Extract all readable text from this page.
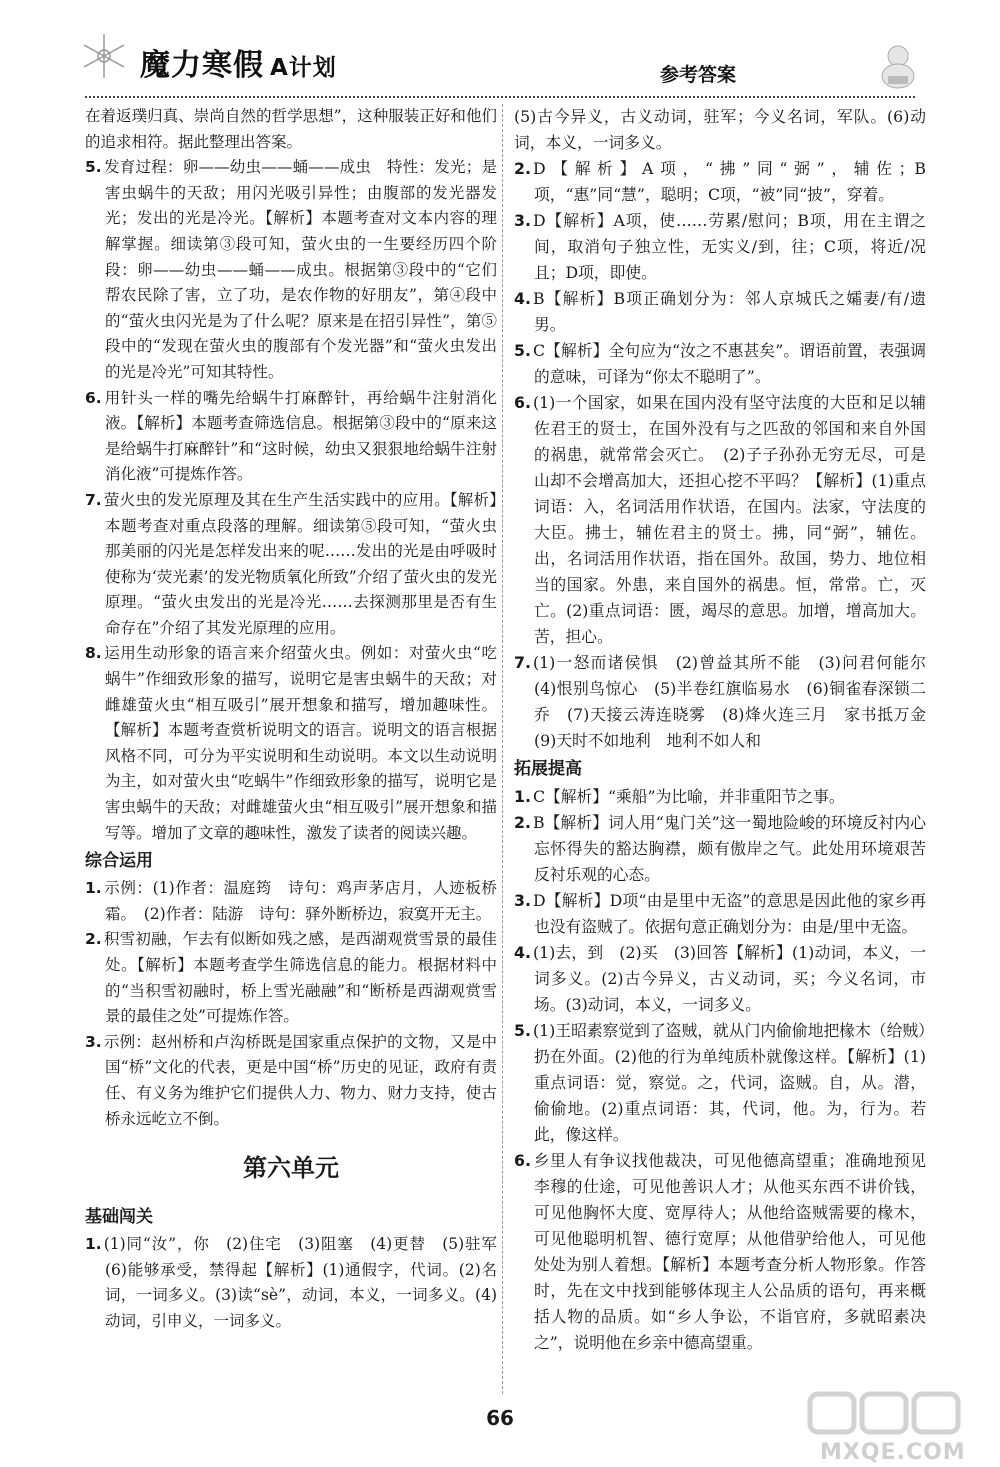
魔力寒假 A计划	参考答案
在着返璞归真、崇尚自然的哲学思想”，这种服装正好和他们的追求相符。据此整理出答案。
5. 发育过程：卵——幼虫——蛹——成虫　特性：发光；是害虫蜗牛的天敌；用闪光吸引异性；由腹部的发光器发光；发出的光是冷光。【解析】本题考查对文本内容的理解掌握。细读第③段可知，萤火虫的一生要经历四个阶段：卵——幼虫——蛹——成虫。根据第③段中的“它们帮农民除了害，立了功，是农作物的好朋友”，第④段中的“萤火虫闪光是为了什么呢？原来是在招引异性”，第⑤段中的“发现在萤火虫的腹部有个发光器”和“萤火虫发出的光是冷光”可知其特性。
6. 用针头一样的嘴先给蜗牛打麻醉针，再给蜗牛注射消化液。【解析】本题考查筛选信息。根据第③段中的“原来这是给蜗牛打麻醉针”和“这时候，幼虫又狠狠地给蜗牛注射消化液”可提炼作答。
7. 萤火虫的发光原理及其在生产生活实践中的应用。【解析】本题考查对重点段落的理解。细读第⑤段可知，“萤火虫那美丽的闪光是怎样发出来的呢……发出的光是由呼吸时使称为‘荧光素’的发光物质氧化所致”介绍了萤火虫的发光原理。“萤火虫发出的光是冷光……去探测那里是否有生命存在”介绍了其发光原理的应用。
8. 运用生动形象的语言来介绍萤火虫。例如：对萤火虫“吃蜗牛”作细致形象的描写，说明它是害虫蜗牛的天敌；对雌雄萤火虫“相互吸引”展开想象和描写，增加趣味性。【解析】本题考查赏析说明文的语言。说明文的语言根据风格不同，可分为平实说明和生动说明。本文以生动说明为主，如对萤火虫“吃蜗牛”作细致形象的描写，说明它是害虫蜗牛的天敌；对雌雄萤火虫“相互吸引”展开想象和描写等。增加了文章的趣味性，激发了读者的阅读兴趣。
综合运用
1. 示例：(1)作者：温庭筠　诗句：鸡声茅店月，人迹板桥霜。　(2)作者：陆游　诗句：驿外断桥边，寂寞开无主。
2. 积雪初融，乍去有似断如残之感，是西湖观赏雪景的最佳处。【解析】本题考查学生筛选信息的能力。根据材料中的“当积雪初融时，桥上雪光融融”和“断桥是西湖观赏雪景的最佳之处”可提炼作答。
3. 示例：赵州桥和卢沟桥既是国家重点保护的文物，又是中国“桥”文化的代表，更是中国“桥”历史的见证，政府有责任、有义务为维护它们提供人力、物力、财力支持，使古桥永远屹立不倒。
第六单元
基础闯关
1. (1)同“汝”，你　(2)住宅　(3)阻塞　(4)更替　(5)驻军　(6)能够承受，禁得起【解析】(1)通假字，代词。(2)名词，一词多义。(3)读“sè”，动词，本义，一词多义。(4)动词，引申义，一词多义。
(5)古今异义，古义动词，驻军；今义名词，军队。(6)动词，本义，一词多义。
2. D【解析】A项，“拂”同“弼”，辅佐；B项，“惠”同“慧”，聪明；C项，“被”同“披”，穿着。
3. D【解析】A项，使……劳累/慰问；B项，用在主谓之间，取消句子独立性，无实义/到，往；C项，将近/况且；D项，即使。
4. B【解析】B项正确划分为：邻人京城氏之孀妻/有/遗男。
5. C【解析】全句应为“汝之不惠甚矣”。谓语前置，表强调的意味，可译为“你太不聪明了”。
6. (1)一个国家，如果在国内没有坚守法度的大臣和足以辅佐君王的贤士，在国外没有与之匹敌的邻国和来自外国的祸患，就常常会灭亡。　(2)子子孙孙无穷无尽，可是山却不会增高加大，还担心挖不平吗？【解析】(1)重点词语：入，名词活用作状语，在国内。法家，守法度的大臣。拂士，辅佐君主的贤士。拂，同“弼”，辅佐。出，名词活用作状语，指在国外。敌国，势力、地位相当的国家。外患，来自国外的祸患。恒，常常。亡，灭亡。(2)重点词语：匮，竭尽的意思。加增，增高加大。苦，担心。
7. (1)一怒而诸侯惧　(2)曾益其所不能　(3)问君何能尔　(4)恨别鸟惊心　(5)半卷红旗临易水　(6)铜雀春深锁二乔　(7)天接云涛连晓雾　(8)烽火连三月　家书抵万金　(9)天时不如地利　地利不如人和
拓展提高
1. C【解析】“乘船”为比喻，并非重阳节之事。
2. B【解析】词人用“鬼门关”这一蜀地险峻的环境反衬内心忘怀得失的豁达胸襟，颇有傲岸之气。此处用环境艰苦反衬乐观的心态。
3. D【解析】D项“由是里中无盗”的意思是因此他的家乡再也没有盗贼了。依据句意正确划分为：由是/里中无盗。
4. (1)去，到　(2)买　(3)回答【解析】(1)动词，本义，一词多义。(2)古今异义，古义动词，买；今义名词，市场。(3)动词，本义，一词多义。
5. (1)王昭素察觉到了盗贼，就从门内偷偷地把椽木（给贼）扔在外面。(2)他的行为单纯质朴就像这样。【解析】(1)重点词语：觉，察觉。之，代词，盗贼。自，从。潜，偷偷地。(2)重点词语：其，代词，他。为，行为。若此，像这样。
6. 乡里人有争议找他裁决，可见他德高望重；准确地预见李穆的仕途，可见他善识人才；从他买东西不讲价钱，可见他胸怀大度、宽厚待人；从他给盗贼需要的椽木，可见他聪明机智、德行宽厚；从他借驴给他人，可见他处处为别人着想。【解析】本题考查分析人物形象。作答时，先在文中找到能够体现主人公品质的语句，再来概括人物的品质。如“乡人争讼，不诣官府，多就昭素决之”，说明他在乡亲中德高望重。
66
MXQE.COM
